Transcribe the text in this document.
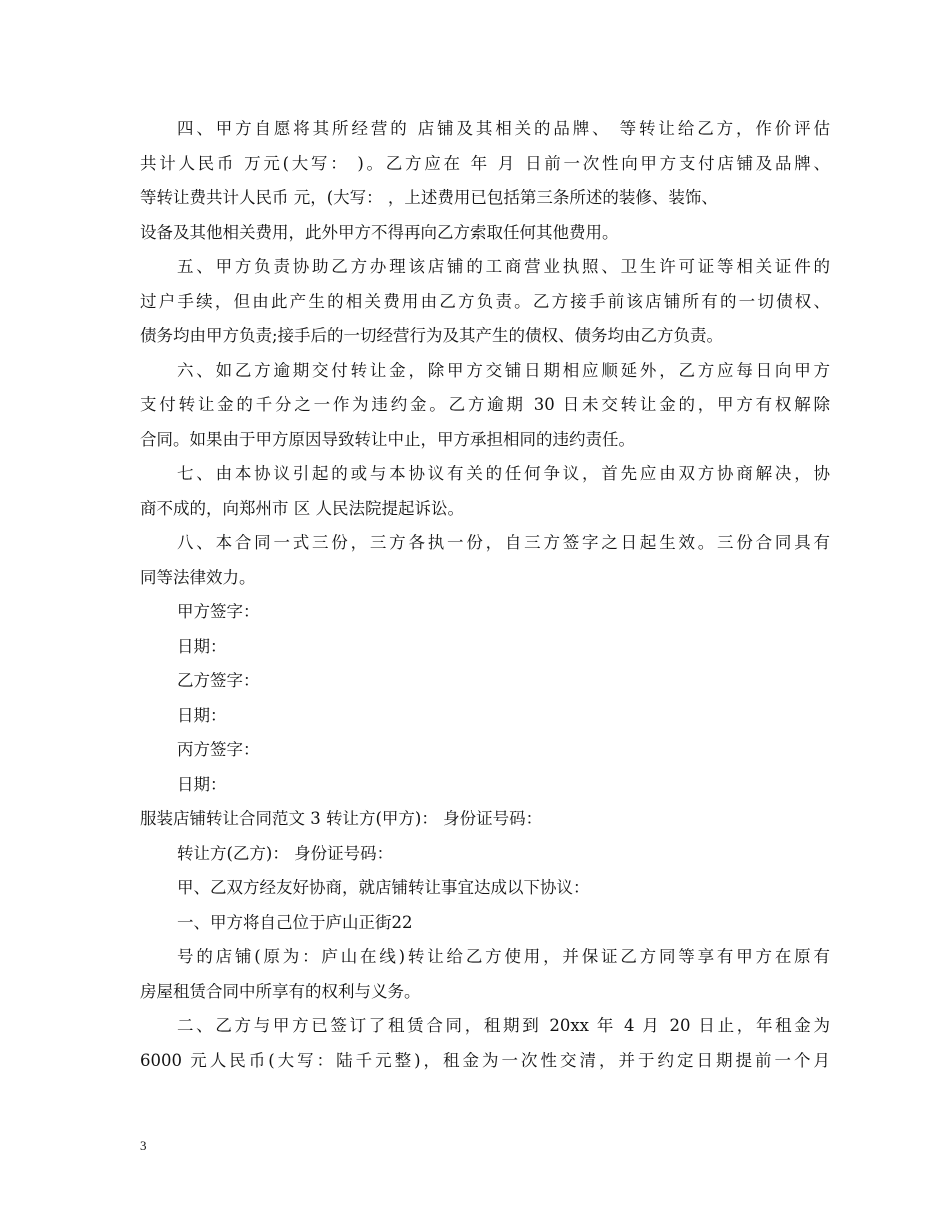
四、甲方自愿将其所经营的 店铺及其相关的品牌、 等转让给乙方，作价评估
共计人民币 万元(大写： )。乙方应在 年 月 日前一次性向甲方支付店铺及品牌、
等转让费共计人民币 元，(大写： ，上述费用已包括第三条所述的装修、装饰、
设备及其他相关费用，此外甲方不得再向乙方索取任何其他费用。
五、甲方负责协助乙方办理该店铺的工商营业执照、卫生许可证等相关证件的
过户手续，但由此产生的相关费用由乙方负责。乙方接手前该店铺所有的一切债权、
债务均由甲方负责;接手后的一切经营行为及其产生的债权、债务均由乙方负责。
六、如乙方逾期交付转让金，除甲方交铺日期相应顺延外，乙方应每日向甲方
支付转让金的千分之一作为违约金。乙方逾期 30 日未交转让金的，甲方有权解除
合同。如果由于甲方原因导致转让中止，甲方承担相同的违约责任。
七、由本协议引起的或与本协议有关的任何争议，首先应由双方协商解决，协
商不成的，向郑州市 区 人民法院提起诉讼。
八、本合同一式三份，三方各执一份，自三方签字之日起生效。三份合同具有
同等法律效力。
甲方签字：
日期：
乙方签字：
日期：
丙方签字：
日期：
服装店铺转让合同范文 3 转让方(甲方)： 身份证号码：
转让方(乙方)： 身份证号码：
甲、乙双方经友好协商，就店铺转让事宜达成以下协议：
一、甲方将自己位于庐山正街22
号的店铺(原为：庐山在线)转让给乙方使用，并保证乙方同等享有甲方在原有
房屋租赁合同中所享有的权利与义务。
二、乙方与甲方已签订了租赁合同，租期到 20xx 年 4 月 20 日止，年租金为
6000 元人民币(大写：陆千元整)，租金为一次性交清，并于约定日期提前一个月
3
